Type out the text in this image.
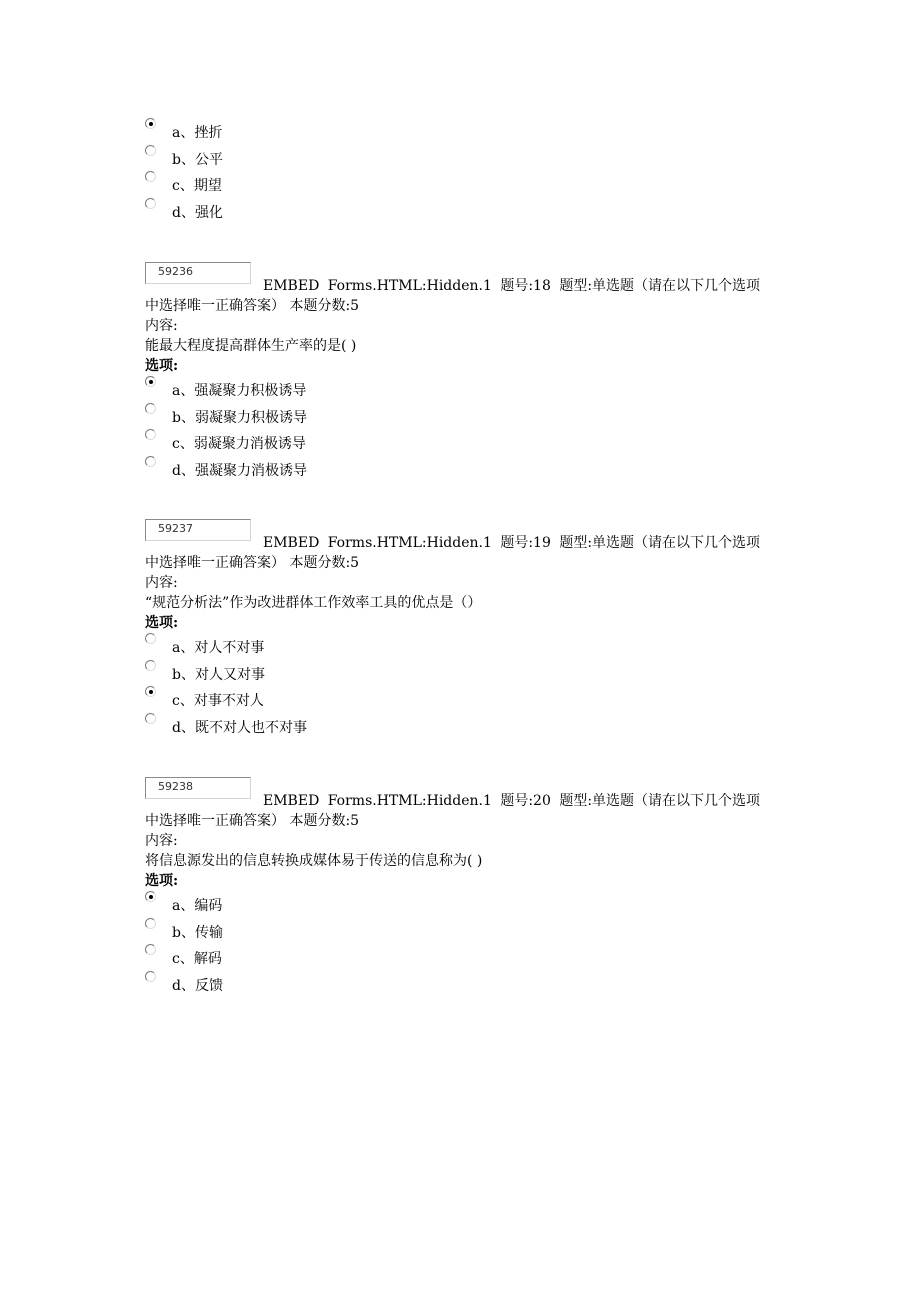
a、挫折
b、公平
c、期望
d、强化
59236
EMBED Forms.HTML:Hidden.1 题号:18 题型:单选题（请在以下几个选项
中选择唯一正确答案） 本题分数:5
内容:
能最大程度提高群体生产率的是( )
选项:
a、强凝聚力积极诱导
b、弱凝聚力积极诱导
c、弱凝聚力消极诱导
d、强凝聚力消极诱导
59237
EMBED Forms.HTML:Hidden.1 题号:19 题型:单选题（请在以下几个选项
中选择唯一正确答案） 本题分数:5
内容:
“规范分析法”作为改进群体工作效率工具的优点是（）
选项:
a、对人不对事
b、对人又对事
c、对事不对人
d、既不对人也不对事
59238
EMBED Forms.HTML:Hidden.1 题号:20 题型:单选题（请在以下几个选项
中选择唯一正确答案） 本题分数:5
内容:
将信息源发出的信息转换成媒体易于传送的信息称为( )
选项:
a、编码
b、传输
c、解码
d、反馈
